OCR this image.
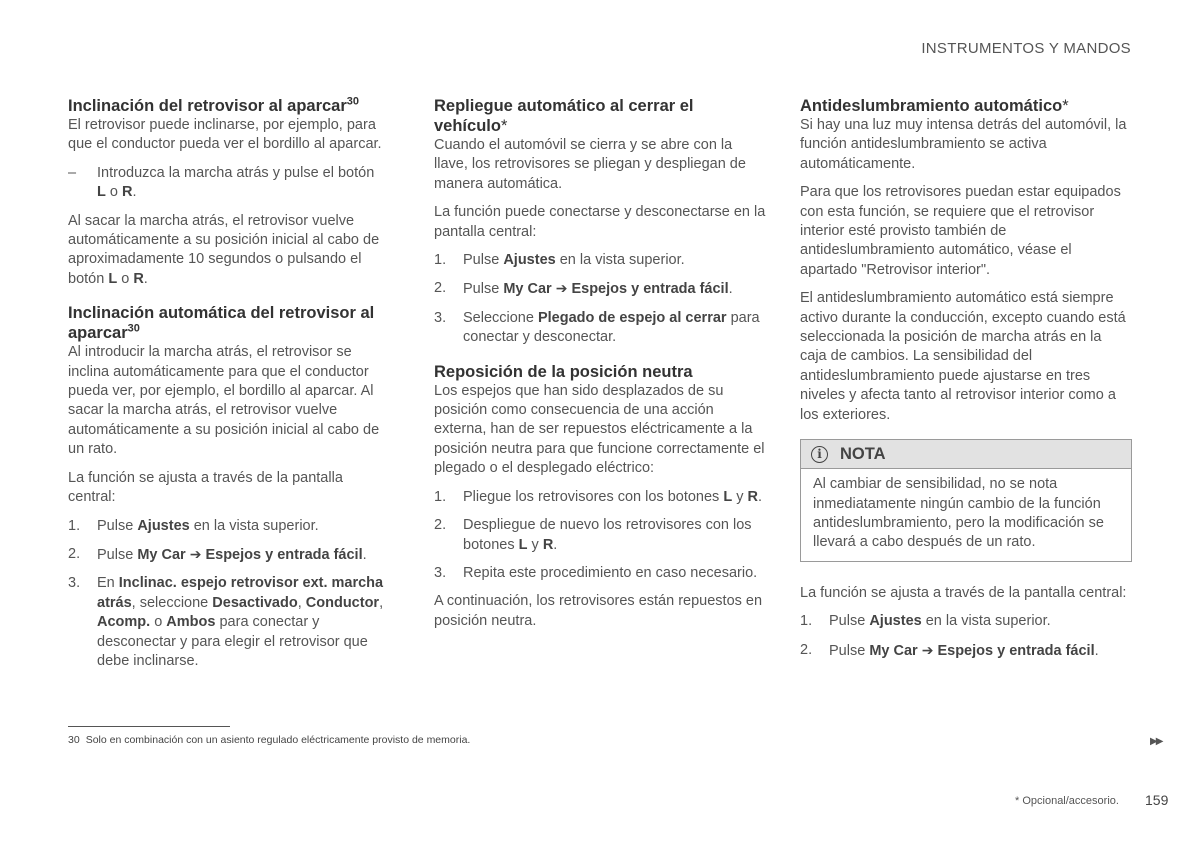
INSTRUMENTOS Y MANDOS
Inclinación del retrovisor al aparcar$^{30}$

El retrovisor puede inclinarse, por ejemplo, para que el conductor pueda ver el bordillo al aparcar.

– Introduzca la marcha atrás y pulse el botón L o R.

Al sacar la marcha atrás, el retrovisor vuelve automáticamente a su posición inicial al cabo de aproximadamente 10 segundos o pulsando el botón L o R.

Inclinación automática del retrovisor al aparcar$^{30}$

Al introducir la marcha atrás, el retrovisor se inclina automáticamente para que el conductor pueda ver, por ejemplo, el bordillo al aparcar. Al sacar la marcha atrás, el retrovisor vuelve automáticamente a su posición inicial al cabo de un rato.

La función se ajusta a través de la pantalla central:

1. Pulse Ajustes en la vista superior.
2. Pulse My Car ➔ Espejos y entrada fácil.
3. En Inclinac. espejo retrovisor ext. marcha atrás, seleccione Desactivado, Conductor, Acomp. o Ambos para conectar y desconectar y para elegir el retrovisor que debe inclinarse.
Repliegue automático al cerrar el vehículo*

Cuando el automóvil se cierra y se abre con la llave, los retrovisores se pliegan y despliegan de manera automática.

La función puede conectarse y desconectarse en la pantalla central:

1. Pulse Ajustes en la vista superior.
2. Pulse My Car ➔ Espejos y entrada fácil.
3. Seleccione Plegado de espejo al cerrar para conectar y desconectar.
Reposición de la posición neutra

Los espejos que han sido desplazados de su posición como consecuencia de una acción externa, han de ser repuestos eléctricamente a la posición neutra para que funcione correctamente el plegado o el desplegado eléctrico:

1. Pliegue los retrovisores con los botones L y R.
2. Despliegue de nuevo los retrovisores con los botones L y R.
3. Repita este procedimiento en caso necesario.

A continuación, los retrovisores están repuestos en posición neutra.

Antideslumbramiento automático*

Si hay una luz muy intensa detrás del automóvil, la función antideslumbramiento se activa automáticamente.

Para que los retrovisores puedan estar equipados con esta función, se requiere que el retrovisor interior esté provisto también de antideslumbramiento automático, véase el apartado "Retrovisor interior".

El antideslumbramiento automático está siempre activo durante la conducción, excepto cuando está seleccionada la posición de marcha atrás en la caja de cambios. La sensibilidad del antideslumbramiento puede ajustarse en tres niveles y afecta tanto al retrovisor interior como a los exteriores.

i	NOTA
Al cambiar de sensibilidad, no se nota inmediatamente ningún cambio de la función antideslumbramiento, pero la modificación se llevará a cabo después de un rato.

La función se ajusta a través de la pantalla central:

1. Pulse Ajustes en la vista superior.
2. Pulse My Car ➔ Espejos y entrada fácil.
30 Solo en combinación con un asiento regulado eléctricamente provisto de memoria.	▶▶
* Opcional/accesorio. 159
